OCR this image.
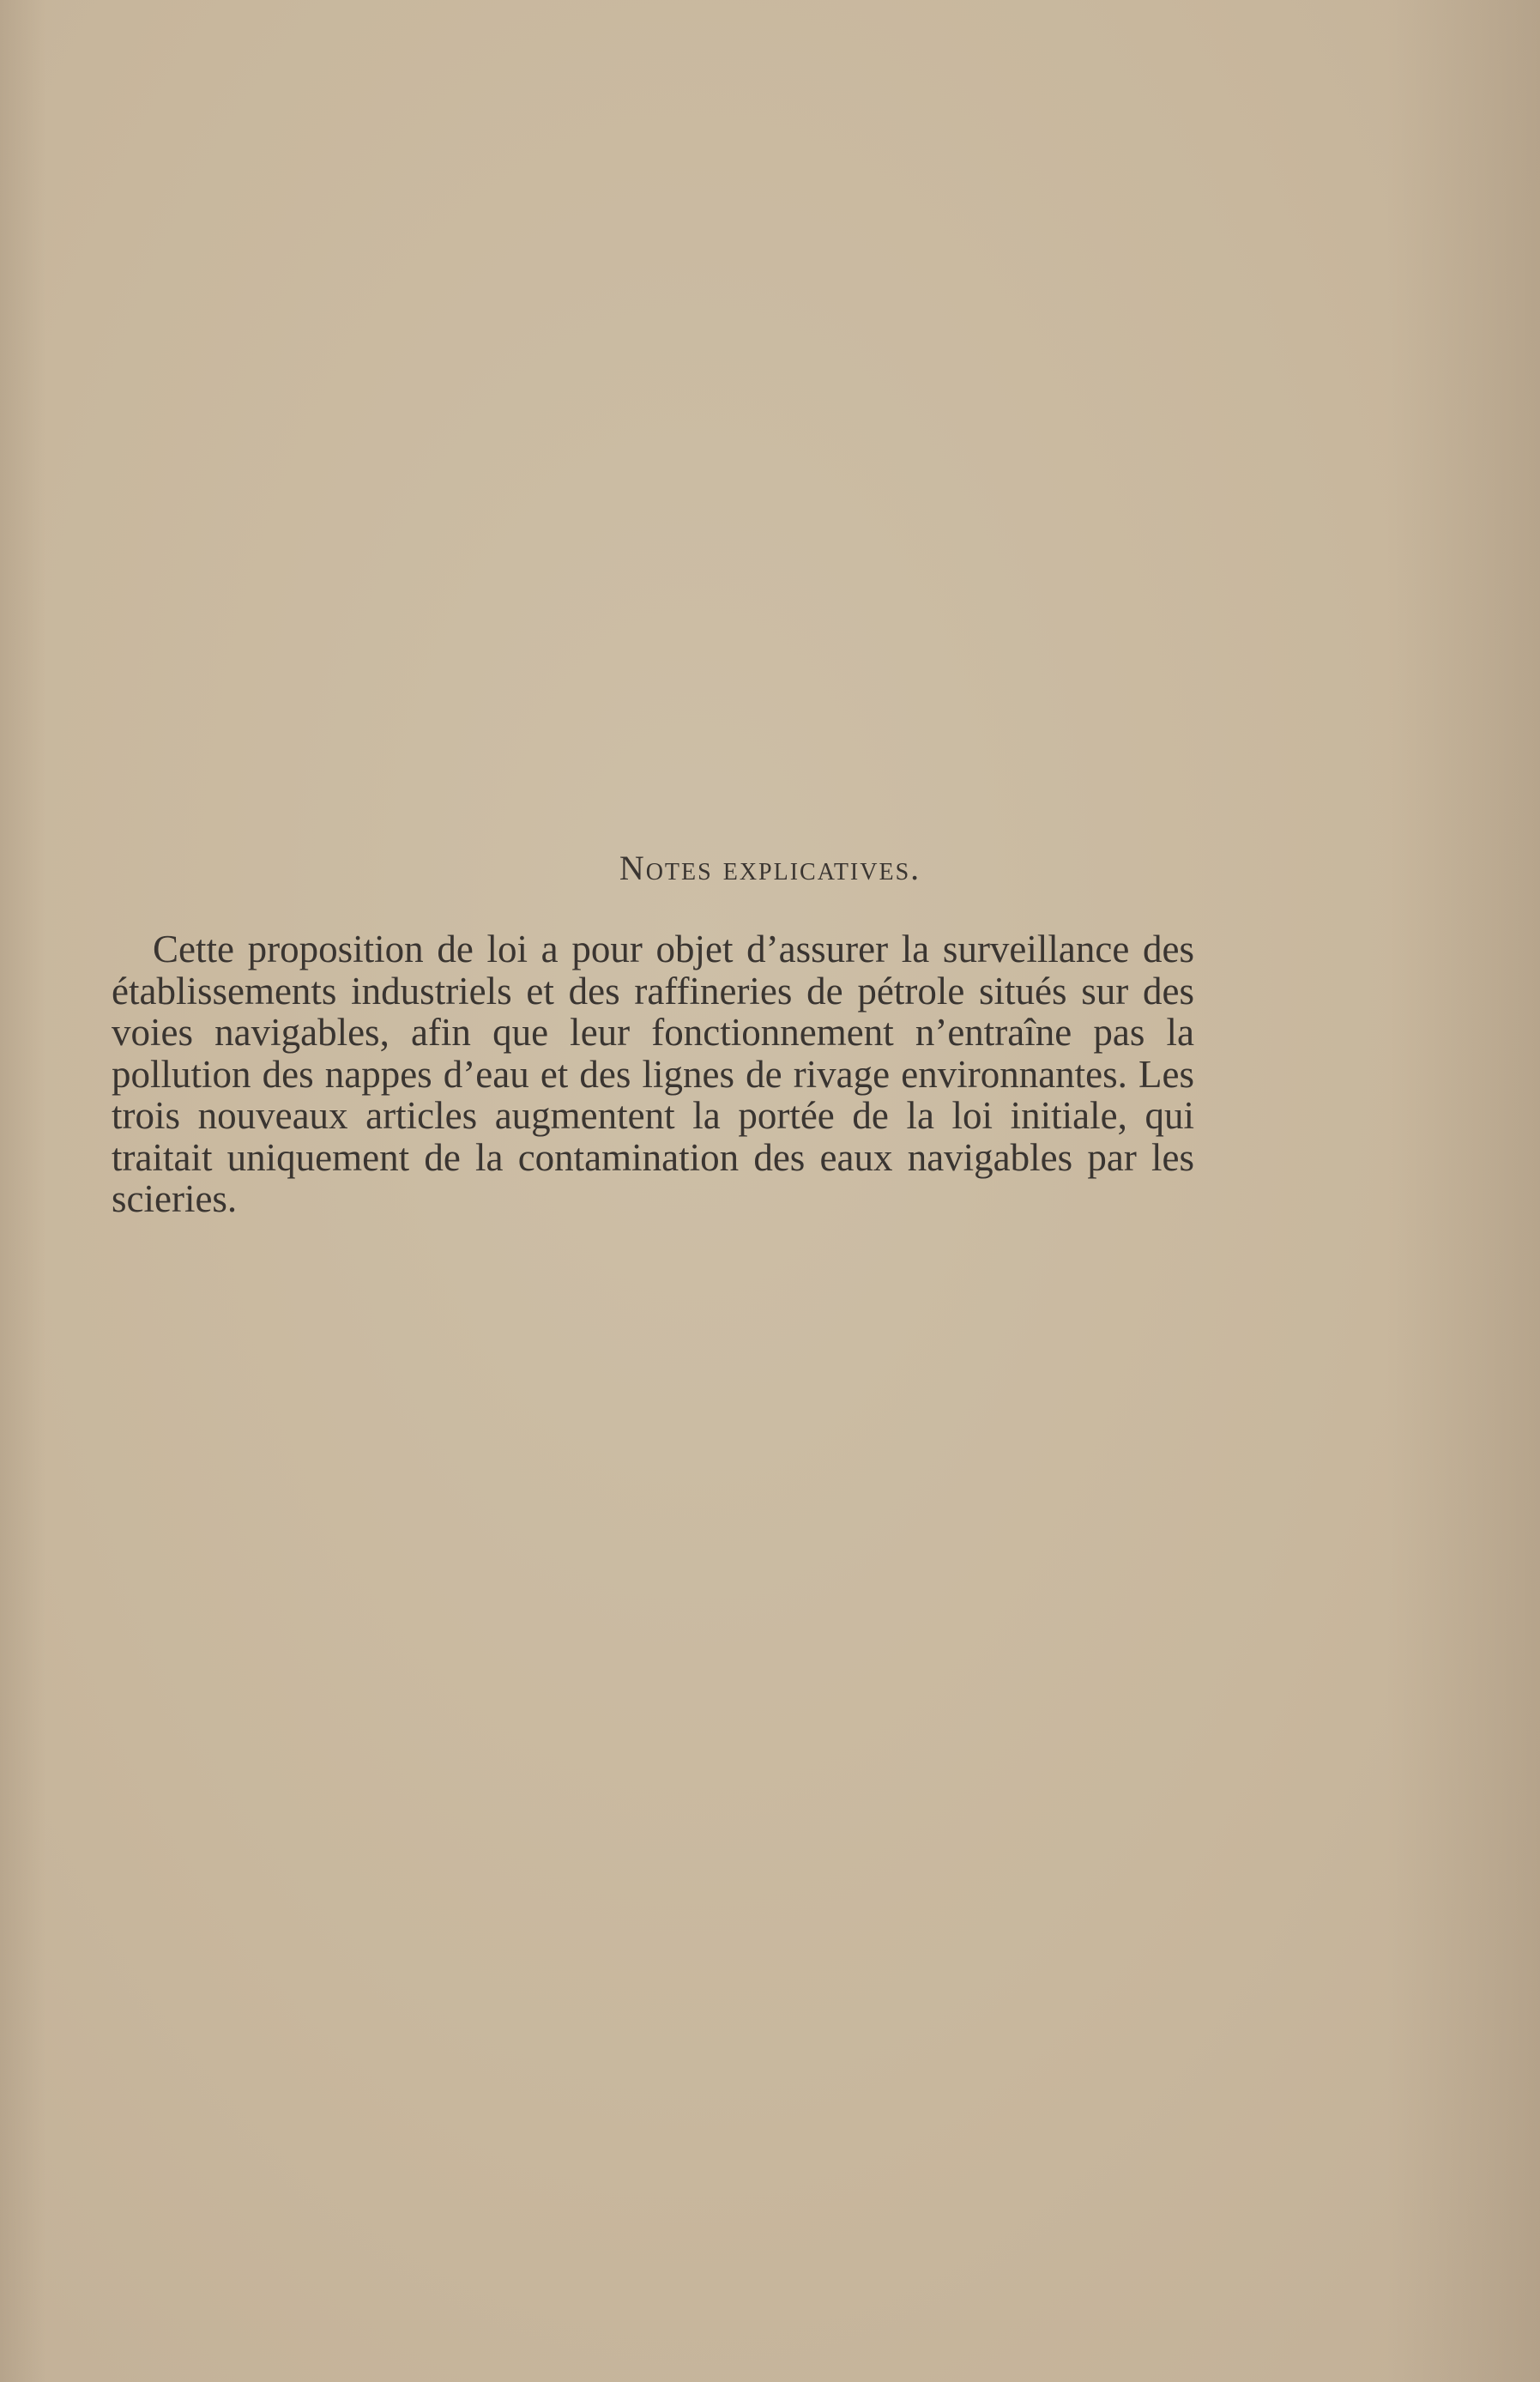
Notes explicatives.

Cette proposition de loi a pour objet d’assurer la surveillance des établissements industriels et des raffineries de pétrole situés sur des voies navigables, afin que leur fonctionnement n’entraîne pas la pollution des nappes d’eau et des lignes de rivage environnantes. Les trois nouveaux articles augmentent la portée de la loi initiale, qui traitait uniquement de la contamination des eaux navigables par les scieries.
